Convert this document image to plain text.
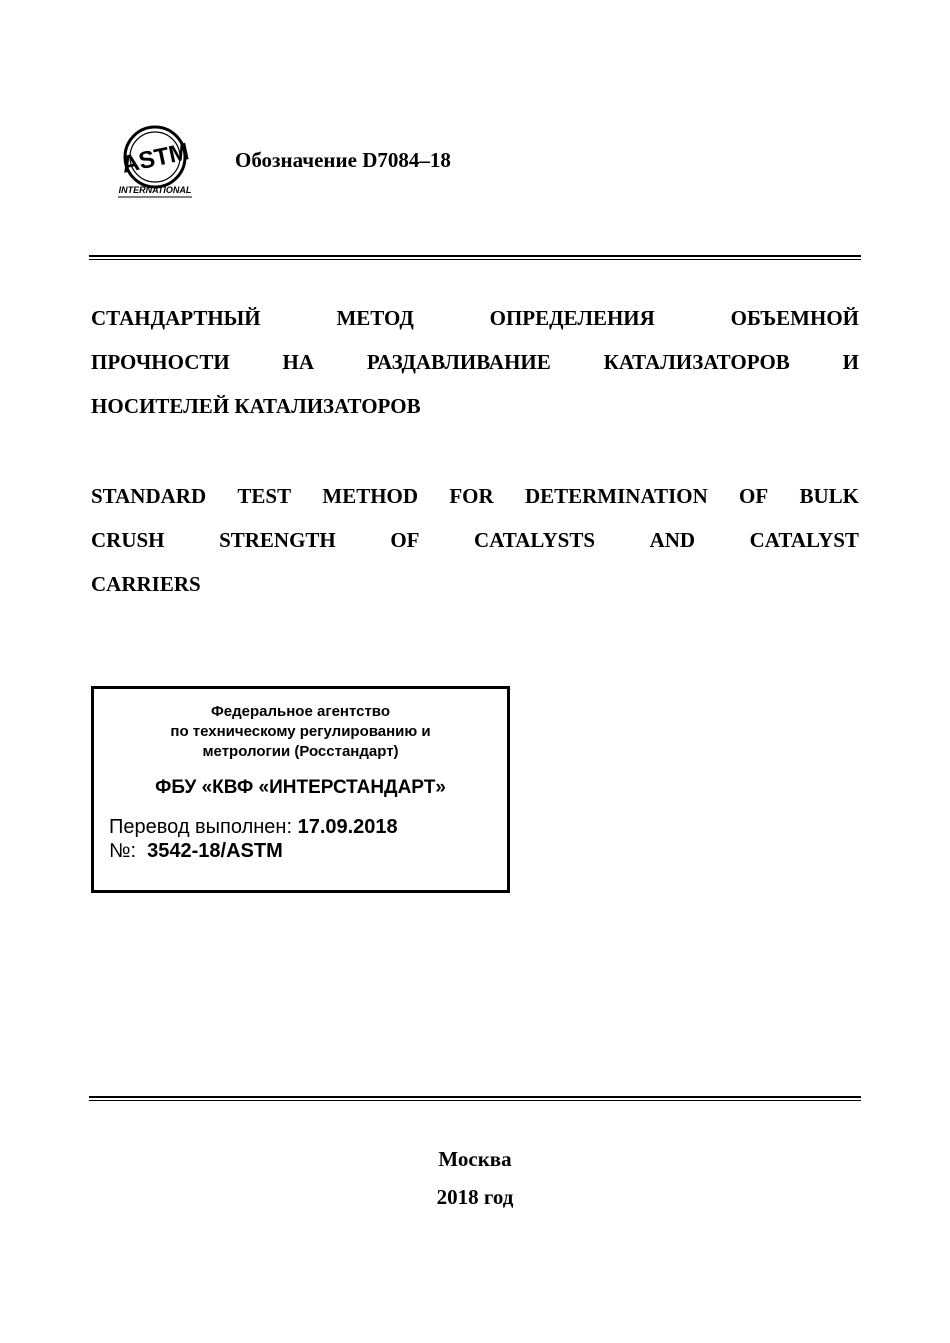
ASTM
INTERNATIONAL
Обозначение D7084–18
СТАНДАРТНЫЙ	МЕТОД	ОПРЕДЕЛЕНИЯ	ОБЪЕМНОЙ
ПРОЧНОСТИ	НА	РАЗДАВЛИВАНИЕ	КАТАЛИЗАТОРОВ	И
НОСИТЕЛЕЙ КАТАЛИЗАТОРОВ
STANDARD TEST METHOD FOR DETERMINATION OF BULK
CRUSH	STRENGTH	OF	CATALYSTS	AND	CATALYST
CARRIERS
Федеральное агентство
по техническому регулированию и
метрологии (Росстандарт)
ФБУ «КВФ «ИНТЕРСТАНДАРТ»
Перевод выполнен: 17.09.2018
№: 3542-18/ASTM
Москва
2018 год
